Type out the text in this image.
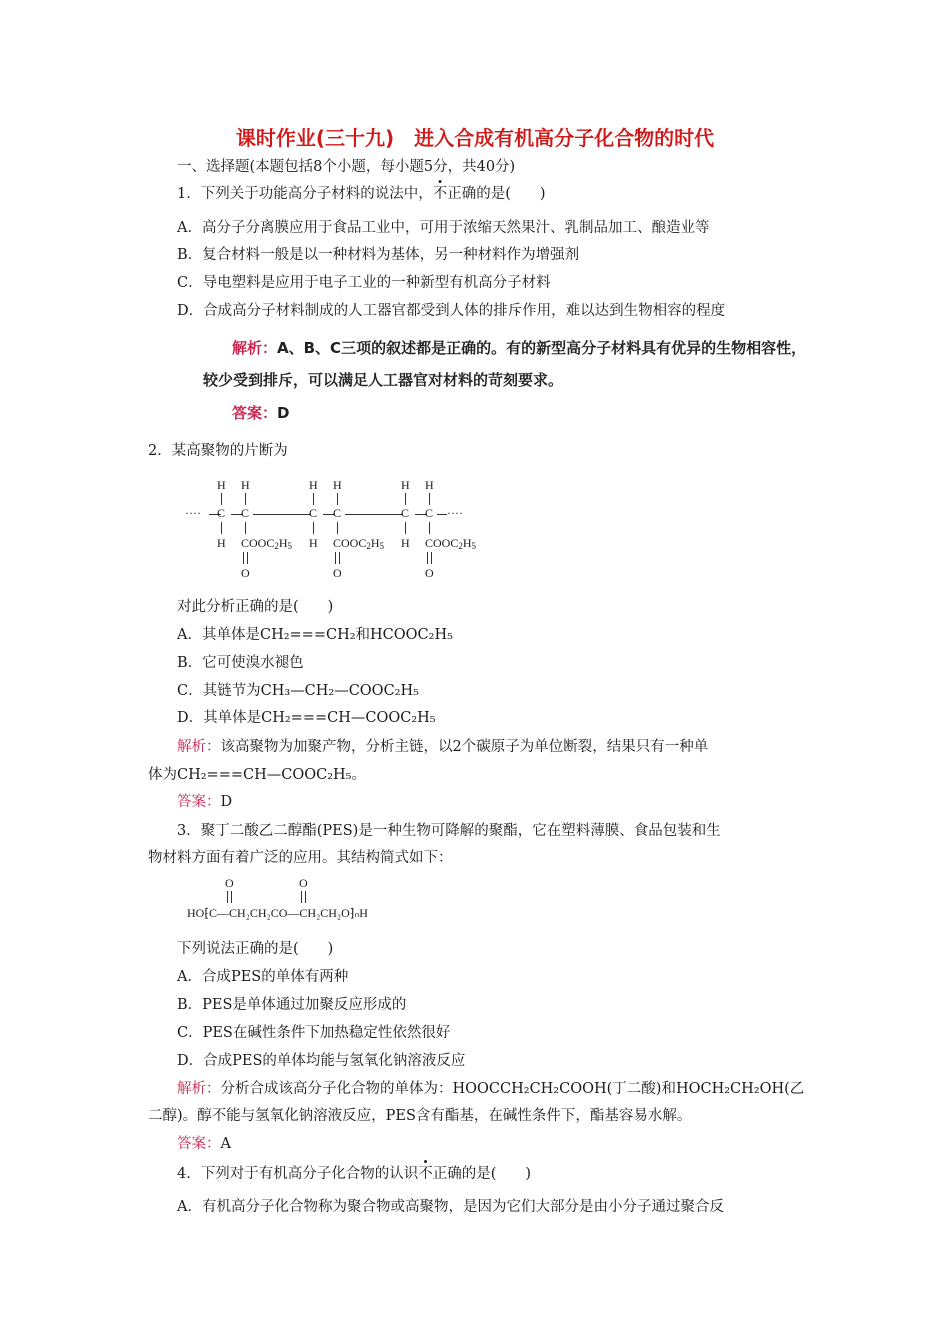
课时作业(三十九)　进入合成有机高分子化合物的时代
一、选择题(本题包括8个小题，每小题5分，共40分)
1．下列关于功能高分子材料的说法中，不正确的是(　　)
A．高分子分离膜应用于食品工业中，可用于浓缩天然果汁、乳制品加工、酿造业等
B．复合材料一般是以一种材料为基体，另一种材料作为增强剂
C．导电塑料是应用于电子工业的一种新型有机高分子材料
D．合成高分子材料制成的人工器官都受到人体的排斥作用，难以达到生物相容的程度
解析：A、B、C三项的叙述都是正确的。有的新型高分子材料具有优异的生物相容性，
较少受到排斥，可以满足人工器官对材料的苛刻要求。
答案：D
2．某高聚物的片断为
····	····
H H
C C
H $COOC_2H_5$
O
H H
C C
H $COOC_2H_5$
O
H H
C C
H $COOC_2H_5$
O
对此分析正确的是(　　)
A．其单体是CH₂===CH₂和HCOOC₂H₅
B．它可使溴水褪色
C．其链节为CH₃—CH₂—COOC₂H₅
D．其单体是CH₂===CH—COOC₂H₅
解析：该高聚物为加聚产物，分析主链，以2个碳原子为单位断裂，结果只有一种单
体为CH₂===CH—COOC₂H₅。
答案：D
3．聚丁二酸乙二醇酯(PES)是一种生物可降解的聚酯，它在塑料薄膜、食品包装和生
物材料方面有着广泛的应用。其结构简式如下：
O	O
HO⁅C—CH₂CH₂CO—CH₂CH₂O⁆ₙH
下列说法正确的是(　　)
A．合成PES的单体有两种
B．PES是单体通过加聚反应形成的
C．PES在碱性条件下加热稳定性依然很好
D．合成PES的单体均能与氢氧化钠溶液反应
解析：分析合成该高分子化合物的单体为：HOOCCH₂CH₂COOH(丁二酸)和HOCH₂CH₂OH(乙
二醇)。醇不能与氢氧化钠溶液反应，PES含有酯基，在碱性条件下，酯基容易水解。
答案：A
4．下列对于有机高分子化合物的认识不正确的是(　　)
A．有机高分子化合物称为聚合物或高聚物，是因为它们大部分是由小分子通过聚合反
